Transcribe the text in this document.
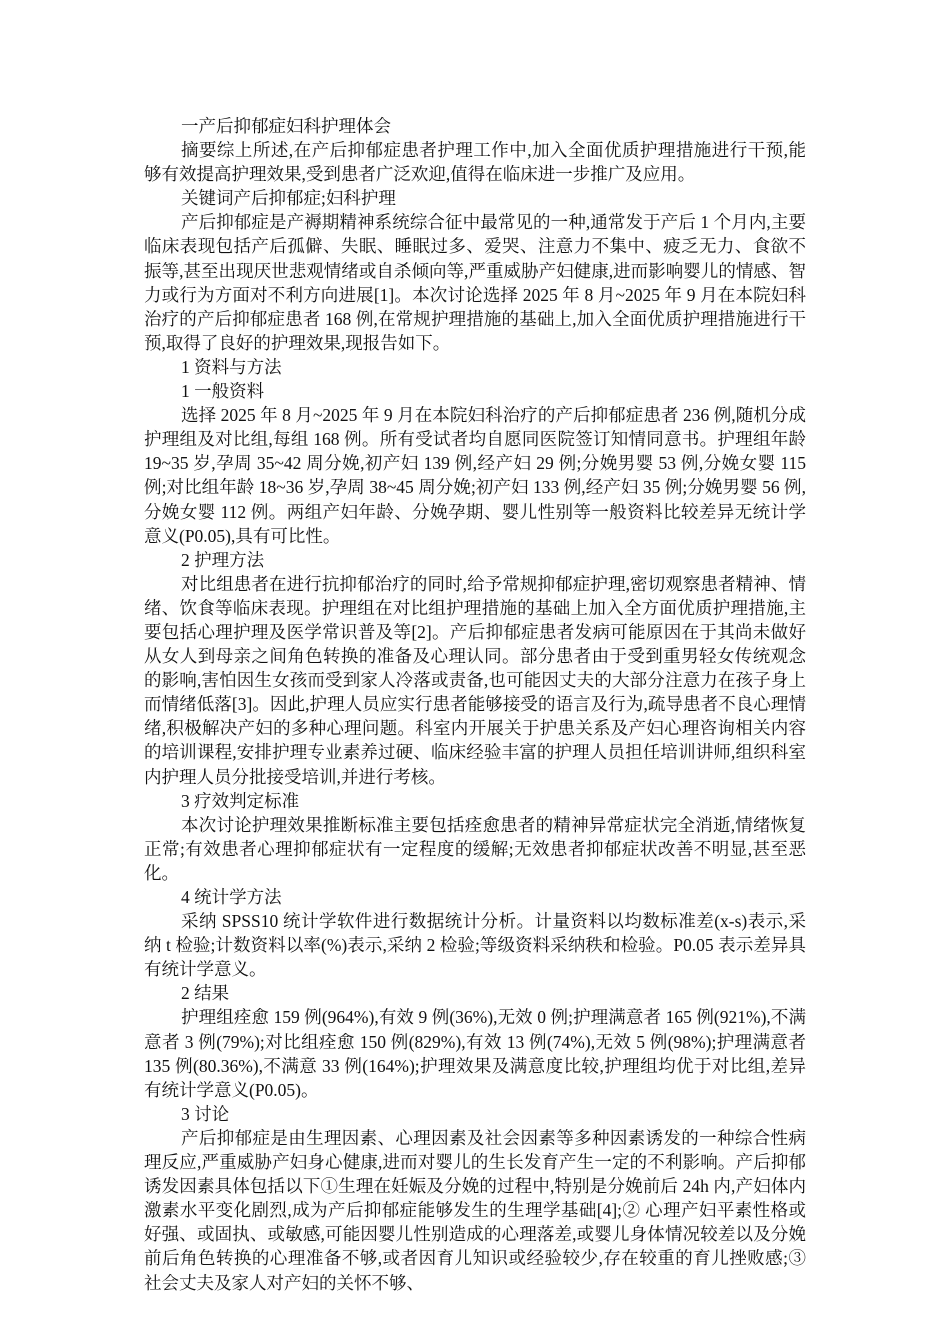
一产后抑郁症妇科护理体会

摘要综上所述,在产后抑郁症患者护理工作中,加入全面优质护理措施进行干预,能够有效提高护理效果,受到患者广泛欢迎,值得在临床进一步推广及应用。

关键词产后抑郁症;妇科护理

产后抑郁症是产褥期精神系统综合征中最常见的一种,通常发于产后 1 个月内,主要临床表现包括产后孤僻、失眠、睡眠过多、爱哭、注意力不集中、疲乏无力、食欲不振等,甚至出现厌世悲观情绪或自杀倾向等,严重威胁产妇健康,进而影响婴儿的情感、智力或行为方面对不利方向进展[1]。本次讨论选择 2025 年 8 月~2025 年 9 月在本院妇科治疗的产后抑郁症患者 168 例,在常规护理措施的基础上,加入全面优质护理措施进行干预,取得了良好的护理效果,现报告如下。

1 资料与方法

1 一般资料

选择 2025 年 8 月~2025 年 9 月在本院妇科治疗的产后抑郁症患者 236 例,随机分成护理组及对比组,每组 168 例。所有受试者均自愿同医院签订知情同意书。护理组年龄 19~35 岁,孕周 35~42 周分娩,初产妇 139 例,经产妇 29 例;分娩男婴 53 例,分娩女婴 115 例;对比组年龄 18~36 岁,孕周 38~45 周分娩;初产妇 133 例,经产妇 35 例;分娩男婴 56 例,分娩女婴 112 例。两组产妇年龄、分娩孕期、婴儿性别等一般资料比较差异无统计学意义(P0.05),具有可比性。

2 护理方法

对比组患者在进行抗抑郁治疗的同时,给予常规抑郁症护理,密切观察患者精神、情绪、饮食等临床表现。护理组在对比组护理措施的基础上加入全方面优质护理措施,主要包括心理护理及医学常识普及等[2]。产后抑郁症患者发病可能原因在于其尚未做好从女人到母亲之间角色转换的准备及心理认同。部分患者由于受到重男轻女传统观念的影响,害怕因生女孩而受到家人冷落或责备,也可能因丈夫的大部分注意力在孩子身上而情绪低落[3]。因此,护理人员应实行患者能够接受的语言及行为,疏导患者不良心理情绪,积极解决产妇的多种心理问题。科室内开展关于护患关系及产妇心理咨询相关内容的培训课程,安排护理专业素养过硬、临床经验丰富的护理人员担任培训讲师,组织科室内护理人员分批接受培训,并进行考核。

3 疗效判定标准

本次讨论护理效果推断标准主要包括痊愈患者的精神异常症状完全消逝,情绪恢复正常;有效患者心理抑郁症状有一定程度的缓解;无效患者抑郁症状改善不明显,甚至恶化。

4 统计学方法

采纳 SPSS10 统计学软件进行数据统计分析。计量资料以均数标准差(x-s)表示,采纳 t 检验;计数资料以率(%)表示,采纳 2 检验;等级资料采纳秩和检验。P0.05 表示差异具有统计学意义。

2 结果

护理组痊愈 159 例(964%),有效 9 例(36%),无效 0 例;护理满意者 165 例(921%),不满意者 3 例(79%);对比组痊愈 150 例(829%),有效 13 例(74%),无效 5 例(98%);护理满意者 135 例(80.36%),不满意 33 例(164%);护理效果及满意度比较,护理组均优于对比组,差异有统计学意义(P0.05)。

3 讨论

产后抑郁症是由生理因素、心理因素及社会因素等多种因素诱发的一种综合性病理反应,严重威胁产妇身心健康,进而对婴儿的生长发育产生一定的不利影响。产后抑郁诱发因素具体包括以下①生理在妊娠及分娩的过程中,特别是分娩前后 24h 内,产妇体内激素水平变化剧烈,成为产后抑郁症能够发生的生理学基础[4];② 心理产妇平素性格或好强、或固执、或敏感,可能因婴儿性别造成的心理落差,或婴儿身体情况较差以及分娩前后角色转换的心理准备不够,或者因育儿知识或经验较少,存在较重的育儿挫败感;③ 社会丈夫及家人对产妇的关怀不够、
